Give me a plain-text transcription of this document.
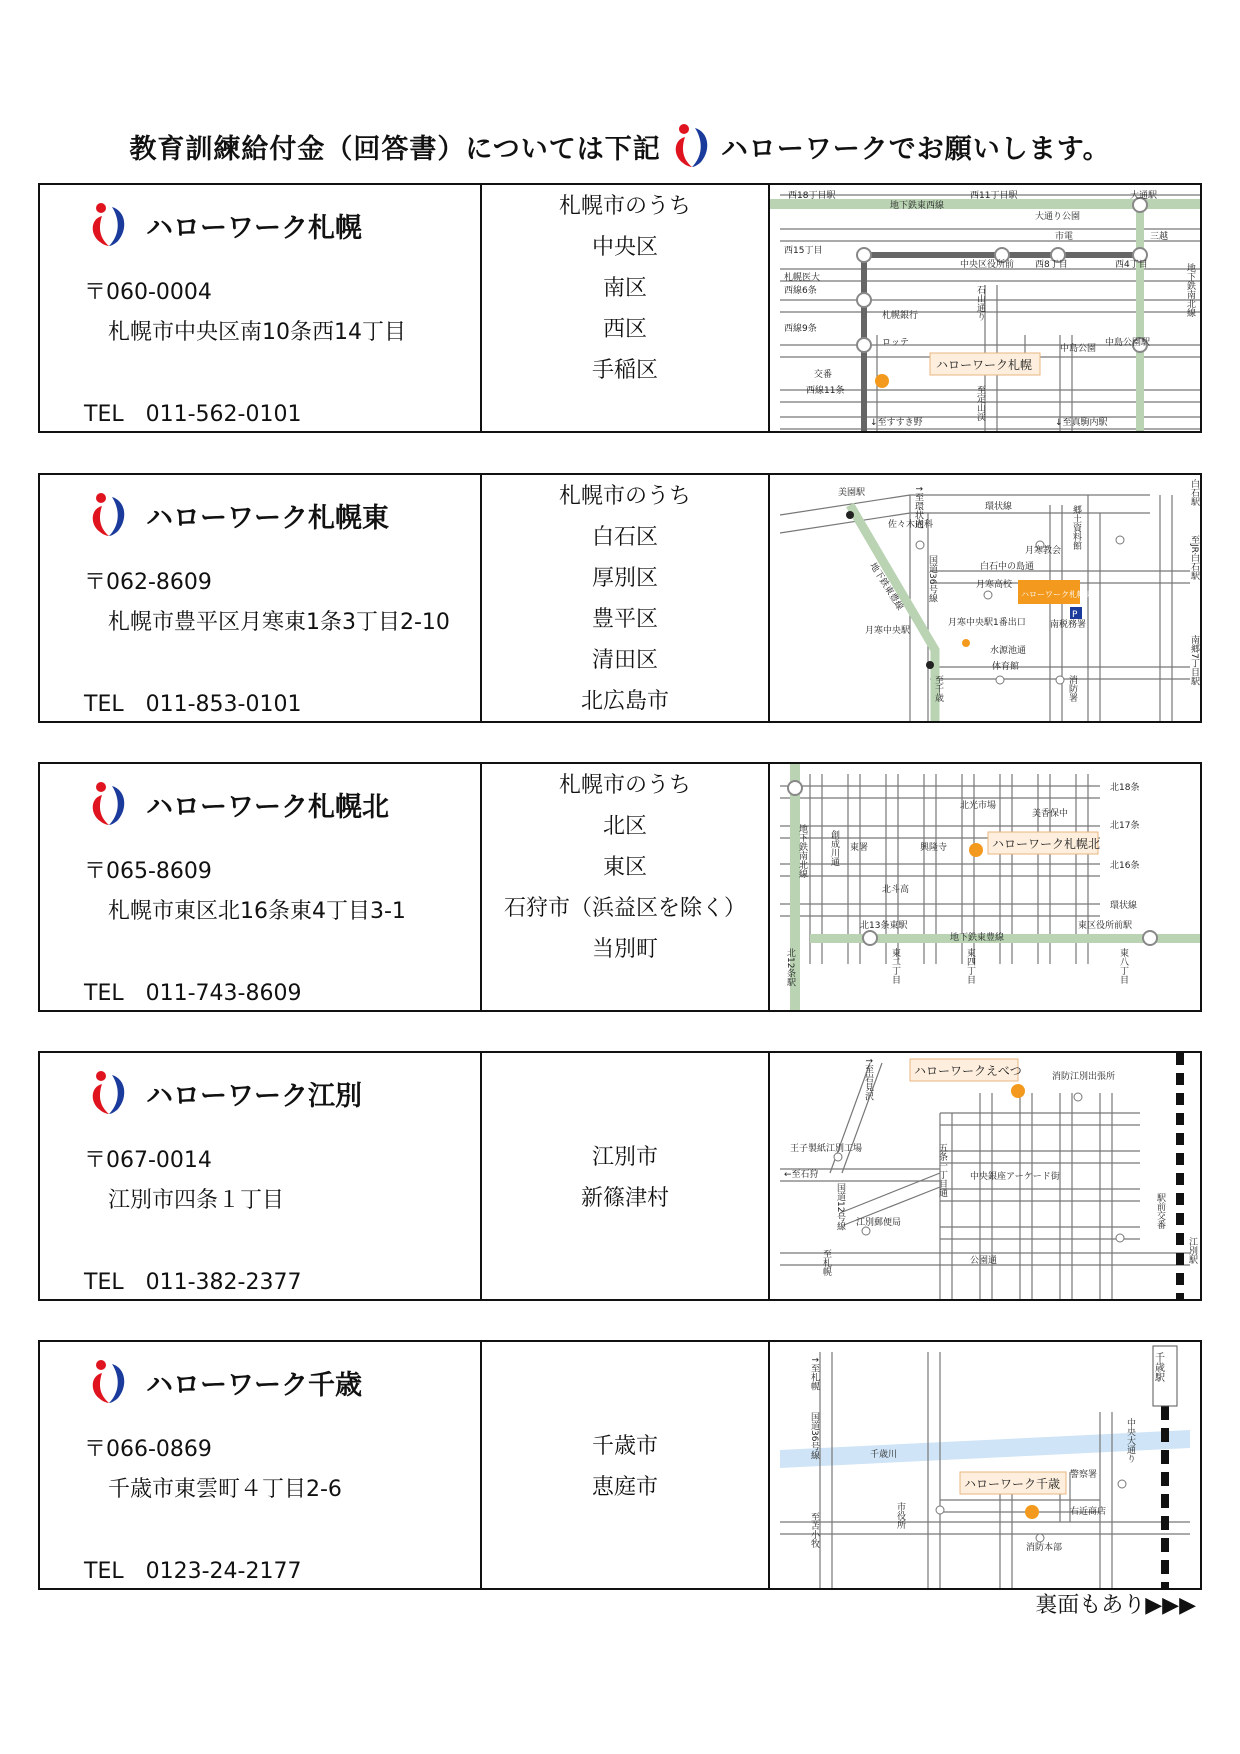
教育訓練給付金（回答書）については下記 ハローワークでお願いします。
ハローワーク札幌
〒060-0004
札幌市中央区南10条西14丁目
TEL　011-562-0101
札幌市のうち
中央区
南区
西区
手稲区	ハローワーク札幌
西18丁目駅	西11丁目駅	大通駅
地下鉄東西線
大通り公園
市電	三越
西15丁目
中央区役所前 西8丁目	西4丁目
札幌医大
西線6条
西線9条
西線11条
札幌銀行
ロッテ
交番
中島公園
中島公園駅
↓至すすき野	↓至真駒内駅
至定山渓
石山通り	地下鉄南北線
ハローワーク札幌東
〒062-8609
札幌市豊平区月寒東1条3丁目2-10
TEL　011-853-0101
札幌市のうち
白石区
厚別区
豊平区
清田区
北広島市
ハローワーク札幌東
P
美園駅
環状線
佐々木内科
月寒教会
白石中の島通
月寒高校
月寒中央駅1番出口	南税務署
月寒中央駅
水源池通
体育館
地下鉄東豊線
↑至環状通
国道36号線
至千歳	消防署
郷土資料館
白石駅
至JR白石駅
南郷7丁目駅
ハローワーク札幌北
〒065-8609
札幌市東区北16条東4丁目3-1
TEL　011-743-8609
札幌市のうち
北区
東区
石狩市（浜益区を除く）
当別町
ハローワーク札幌北
北18条
北17条
北16条
環状線
北光市場
美香保中
東署	興隆寺
北斗高
北13条東駅	東区役所前駅
地下鉄東豊線
地下鉄南北線 創成川通
北12条駅	東二丁目	東四丁目	東八丁目
ハローワーク江別
〒067-0014
江別市四条１丁目
TEL　011-382-2377
江別市
新篠津村
ハローワークえべつ	消防江別出張所
王子製紙江別工場
←至石狩	中央銀座アーケード街
江別郵便局
公園通
↑至岩見沢
五条一丁目通
国道12号線
至札幌
駅前交番
江別駅
ハローワーク千歳
〒066-0869
千歳市東雲町４丁目2-6
TEL　0123-24-2177
千歳市
恵庭市
千歳駅
ハローワーク千歳
千歳川
警察署
右近商店
消防本部
↑至札幌
国道36号線
至苫小牧	市役所
中央大通り
裏面もあり▶▶▶
